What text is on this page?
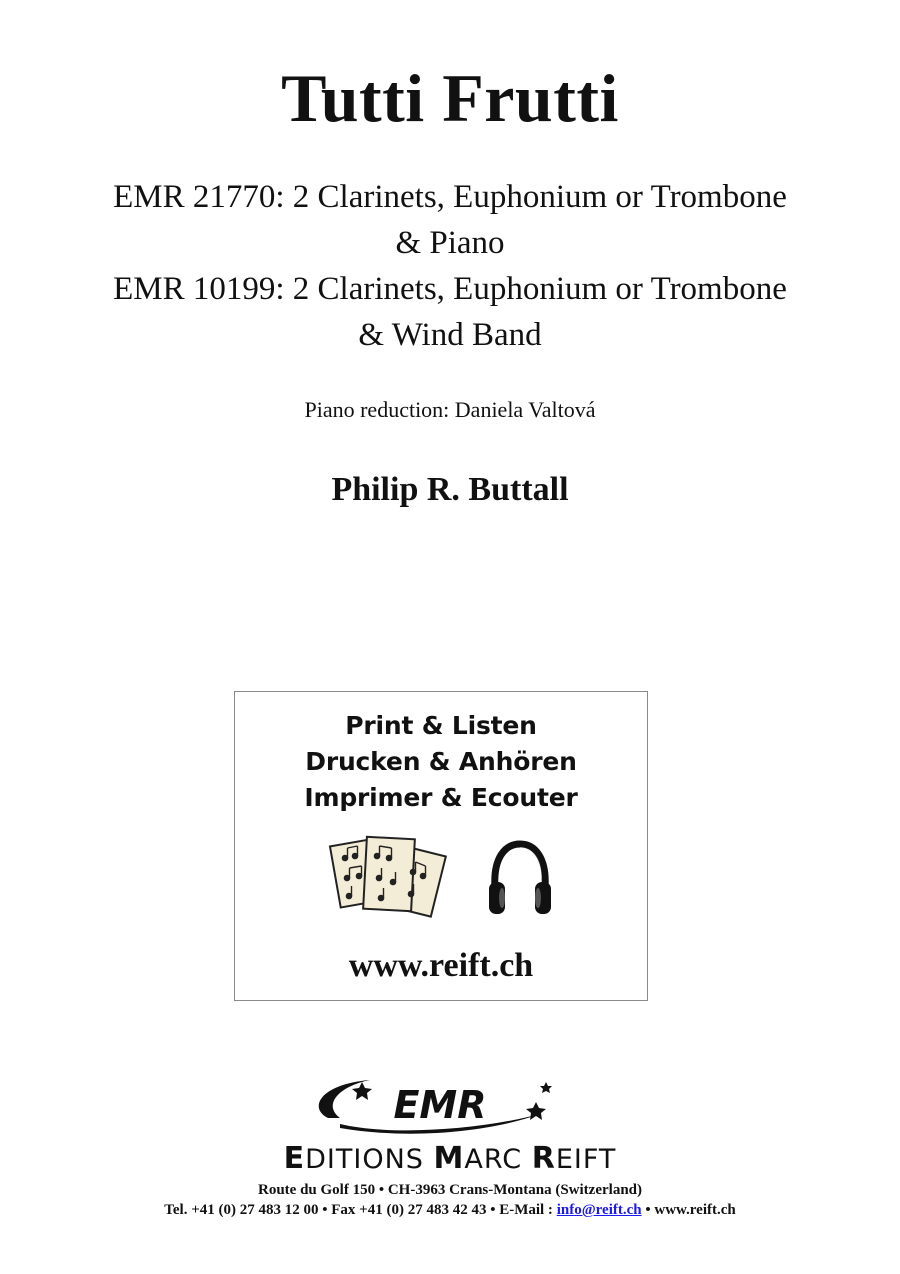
Tutti Frutti
EMR 21770: 2 Clarinets, Euphonium or Trombone
& Piano
EMR 10199: 2 Clarinets, Euphonium or Trombone
& Wind Band
Piano reduction: Daniela Valtová
Philip R. Buttall
Print & Listen
Drucken & Anhören
Imprimer & Ecouter
www.reift.ch
EMR
EDITIONS MARC REIFT
Route du Golf 150 • CH-3963 Crans-Montana (Switzerland)
Tel. +41 (0) 27 483 12 00 • Fax +41 (0) 27 483 42 43 • E-Mail : info@reift.ch • www.reift.ch
